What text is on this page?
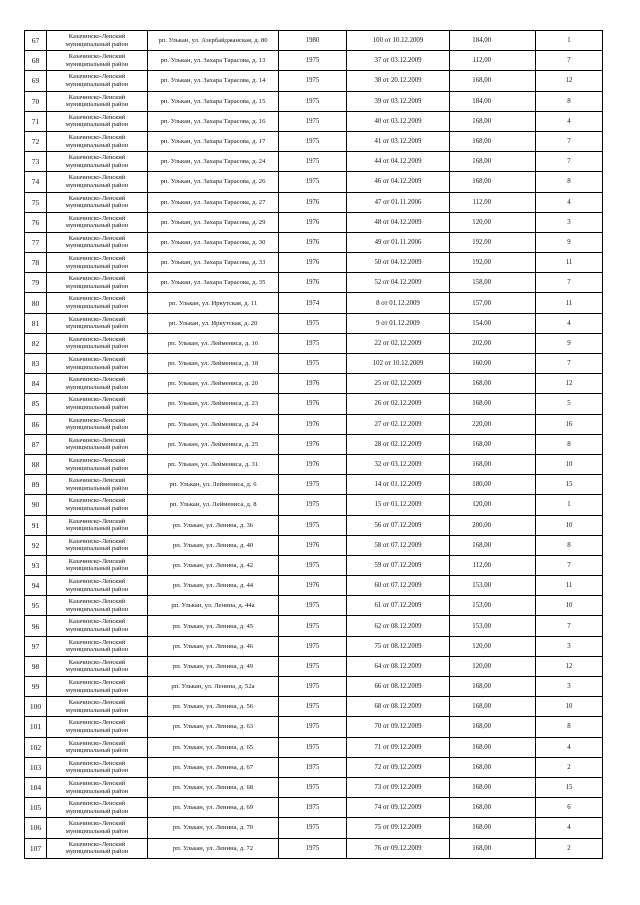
67	Казачинско-Ленский
муниципальный район	рп. Улькан, ул. Азербайджанская, д. 80	1980	100 от 10.12.2009	184,00	1
68	Казачинско-Ленский
муниципальный район	рп. Улькан, ул. Захара Тарасова, д. 13	1975	37 от 03.12.2009	112,00	7
69	Казачинско-Ленский
муниципальный район	рп. Улькан, ул. Захара Тарасова, д. 14	1975	38 от 20.12.2009	168,00	12
70	Казачинско-Ленский
муниципальный район	рп. Улькан, ул. Захара Тарасова, д. 15	1975	39 от 03.12.2009	184,00	8
71	Казачинско-Ленский
муниципальный район	рп. Улькан, ул. Захара Тарасова, д. 16	1975	40 от 03.12.2009	168,00	4
72	Казачинско-Ленский
муниципальный район	рп. Улькан, ул. Захара Тарасова, д. 17	1975	41 от 03.12.2009	168,00	7
73	Казачинско-Ленский
муниципальный район	рп. Улькан, ул. Захара Тарасова, д. 24	1975	44 от 04.12.2009	168,00	7
74	Казачинско-Ленский
муниципальный район	рп. Улькан, ул. Захара Тарасова, д. 26	1975	46 от 04.12.2009	168,00	8
75	Казачинско-Ленский
муниципальный район	рп. Улькан, ул. Захара Тарасова, д. 27	1976	47 от 01.11.2006	112,00	4
76	Казачинско-Ленский
муниципальный район	рп. Улькан, ул. Захара Тарасова, д. 29	1976	48 от 04.12.2009	120,00	3
77	Казачинско-Ленский
муниципальный район	рп. Улькан, ул. Захара Тарасова, д. 30	1976	49 от 01.11.2006	192,00	9
78	Казачинско-Ленский
муниципальный район	рп. Улькан, ул. Захара Тарасова, д. 33	1976	50 от 04.12.2009	192,00	11
79	Казачинско-Ленский
муниципальный район	рп. Улькан, ул. Захара Тарасова, д. 35	1976	52 от 04.12.2009	158,00	7
80	Казачинско-Ленский
муниципальный район	рп. Улькан, ул. Иркутская, д. 11	1974	8 от 01.12.2009	157,00	11
81	Казачинско-Ленский
муниципальный район	рп. Улькан, ул. Иркутская, д. 20	1975	9 от 01.12.2009	154,00	4
82	Казачинско-Ленский
муниципальный район	рп. Улькан, ул. Леймениса, д. 16	1975	22 от 02.12.2009	202,00	9
83	Казачинско-Ленский
муниципальный район	рп. Улькан, ул. Леймениса, д. 18	1975	102 от 10.12.2009	160,00	7
84	Казачинско-Ленский
муниципальный район	рп. Улькан, ул. Леймениса, д. 20	1976	25 от 02.12.2009	168,00	12
85	Казачинско-Ленский
муниципальный район	рп. Улькан, ул. Леймениса, д. 23	1976	26 от 02.12.2009	168,00	5
86	Казачинско-Ленский
муниципальный район	рп. Улькан, ул. Леймениса, д. 24	1976	27 от 02.12.2009	220,00	16
87	Казачинско-Ленский
муниципальный район	рп. Улькан, ул. Леймениса, д. 25	1976	28 от 02.12.2009	168,00	8
88	Казачинско-Ленский
муниципальный район	рп. Улькан, ул. Леймениса, д. 31	1976	32 от 03.12.2009	168,00	10
89	Казачинско-Ленский
муниципальный район	рп. Улькан, ул. Леймениса, д. 6	1975	14 от 01.12.2009	180,00	15
90	Казачинско-Ленский
муниципальный район	рп. Улькан, ул. Леймениса, д. 8	1975	15 от 01.12.2009	120,00	1
91	Казачинско-Ленский
муниципальный район	рп. Улькан, ул. Ленина, д. 36	1975	56 от 07.12.2009	200,00	10
92	Казачинско-Ленский
муниципальный район	рп. Улькан, ул. Ленина, д. 40	1976	58 от 07.12.2009	168,00	8
93	Казачинско-Ленский
муниципальный район	рп. Улькан, ул. Ленина, д. 42	1975	59 от 07.12.2009	112,00	7
94	Казачинско-Ленский
муниципальный район	рп. Улькан, ул. Ленина, д. 44	1976	60 от 07.12.2009	153,00	11
95	Казачинско-Ленский
муниципальный район	рп. Улькан, ул. Ленина, д. 44а	1975	61 от 07.12.2009	153,00	10
96	Казачинско-Ленский
муниципальный район	рп. Улькан, ул. Ленина, д. 45	1975	62 от 08.12.2009	153,00	7
97	Казачинско-Ленский
муниципальный район	рп. Улькан, ул. Ленина, д. 46	1975	75 от 08.12.2009	120,00	3
98	Казачинско-Ленский
муниципальный район	рп. Улькан, ул. Ленина, д. 49	1975	64 от 08.12.2009	120,00	12
99	Казачинско-Ленский
муниципальный район	рп. Улькан, ул. Ленина, д. 52а	1975	66 от 08.12.2009	168,00	3
100	Казачинско-Ленский
муниципальный район	рп. Улькан, ул. Ленина, д. 56	1975	68 от 08.12.2009	168,00	10
101	Казачинско-Ленский
муниципальный район	рп. Улькан, ул. Ленина, д. 63	1975	70 от 09.12.2009	168,00	8
102	Казачинско-Ленский
муниципальный район	рп. Улькан, ул. Ленина, д. 65	1975	71 от 09.12.2009	168,00	4
103	Казачинско-Ленский
муниципальный район	рп. Улькан, ул. Ленина, д. 67	1975	72 от 09.12.2009	168,00	2
104	Казачинско-Ленский
муниципальный район	рп. Улькан, ул. Ленина, д. 68	1975	73 от 09.12.2009	168,00	15
105	Казачинско-Ленский
муниципальный район	рп. Улькан, ул. Ленина, д. 69	1975	74 от 09.12.2009	168,00	6
106	Казачинско-Ленский
муниципальный район	рп. Улькан, ул. Ленина, д. 70	1975	75 от 09.12.2009	168,00	4
107	Казачинско-Ленский
муниципальный район	рп. Улькан, ул. Ленина, д. 72	1975	76 от 09.12.2009	168,00	2
